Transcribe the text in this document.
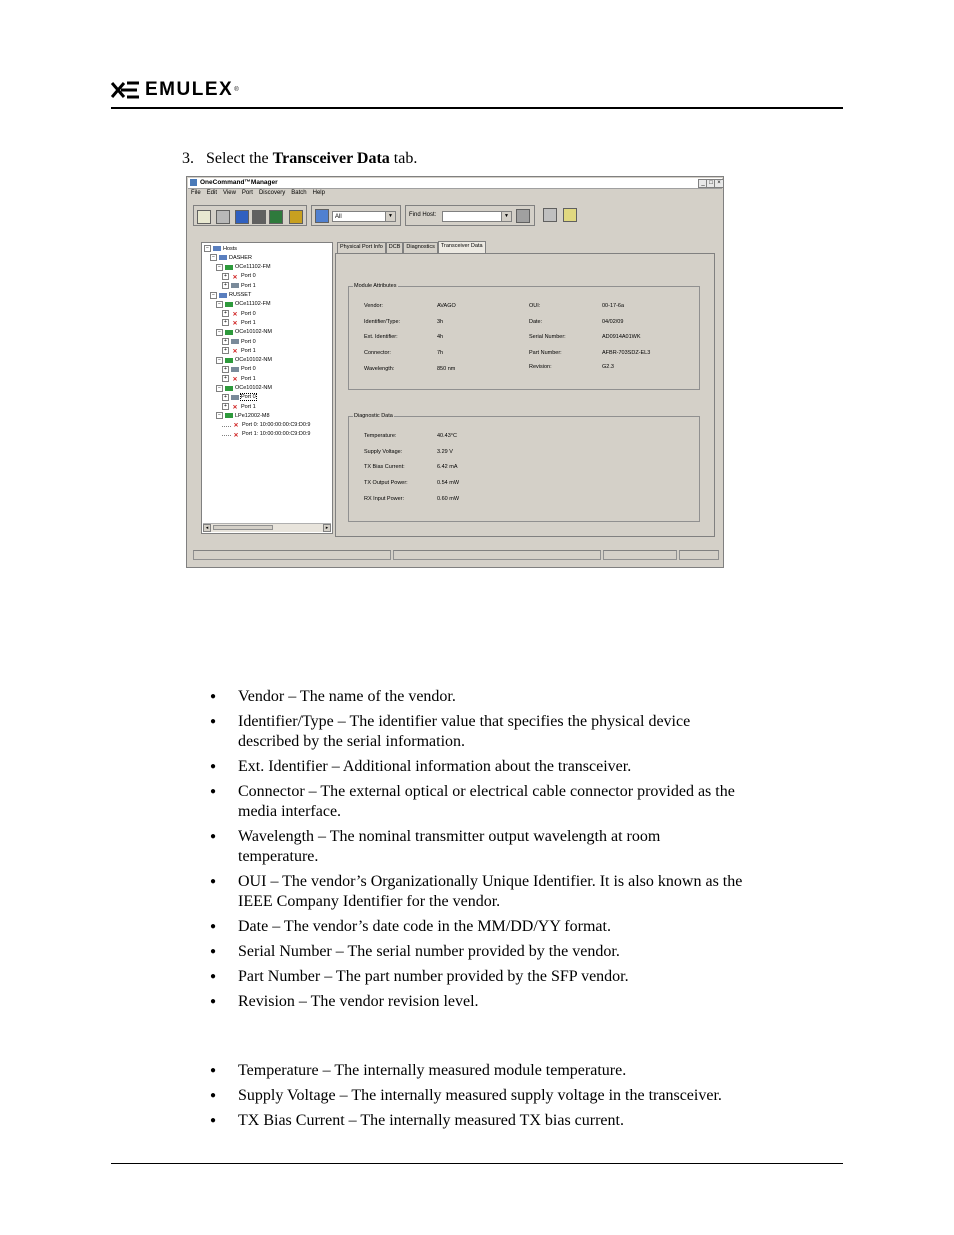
EMULEX ®
3. Select the Transceiver Data tab.
OneCommand™Manager	_ □ ×
File Edit View Port Discovery Batch Help
All	▼	Find Host:	▼
◂	▸
−	Hosts
−	DASHER
−	OCe11102-FM
+ ✕ Port 0
+	Port 1
−	RUSSET
−	OCe11102-FM
+ ✕ Port 0
+ ✕ Port 1
−	OCe10102-NM
+	Port 0
+ ✕ Port 1
−	OCe10102-NM
+	Port 0
+ ✕ Port 1
−	OCe10102-NM
+	Port 0
+ ✕ Port 1
−	LPe12002-M8
✕ Port 0: 10:00:00:00:C9:D0:9
✕ Port 1: 10:00:00:00:C9:D0:9
Physical Port Info	DCB	Diagnostics	Transceiver Data
Module Attributes
Vendor:	AVAGO
Identifier/Type:	3h
Ext. Identifier:	4h
Connector:	7h
Wavelength:	850 nm
OUI:	00-17-6a
Date:	04/02/09
Serial Number:	AD0914A01WK
Part Number:	AFBR-703SDZ-EL3
Revision:	G2.3
Diagnostic Data
Temperature:	40.43°C
Supply Voltage:	3.29 V
TX Bias Current:	6.42 mA
TX Output Power:	0.54 mW
RX Input Power:	0.60 mW
● Vendor – The name of the vendor.
● Identifier/Type – The identifier value that specifies the physical device
described by the serial information.
● Ext. Identifier – Additional information about the transceiver.
● Connector – The external optical or electrical cable connector provided as the
media interface.
● Wavelength – The nominal transmitter output wavelength at room
temperature.
● OUI – The vendor’s Organizationally Unique Identifier. It is also known as the
IEEE Company Identifier for the vendor.
● Date – The vendor’s date code in the MM/DD/YY format.
● Serial Number – The serial number provided by the vendor.
● Part Number – The part number provided by the SFP vendor.
● Revision – The vendor revision level.
● Temperature – The internally measured module temperature.
● Supply Voltage – The internally measured supply voltage in the transceiver.
● TX Bias Current – The internally measured TX bias current.
